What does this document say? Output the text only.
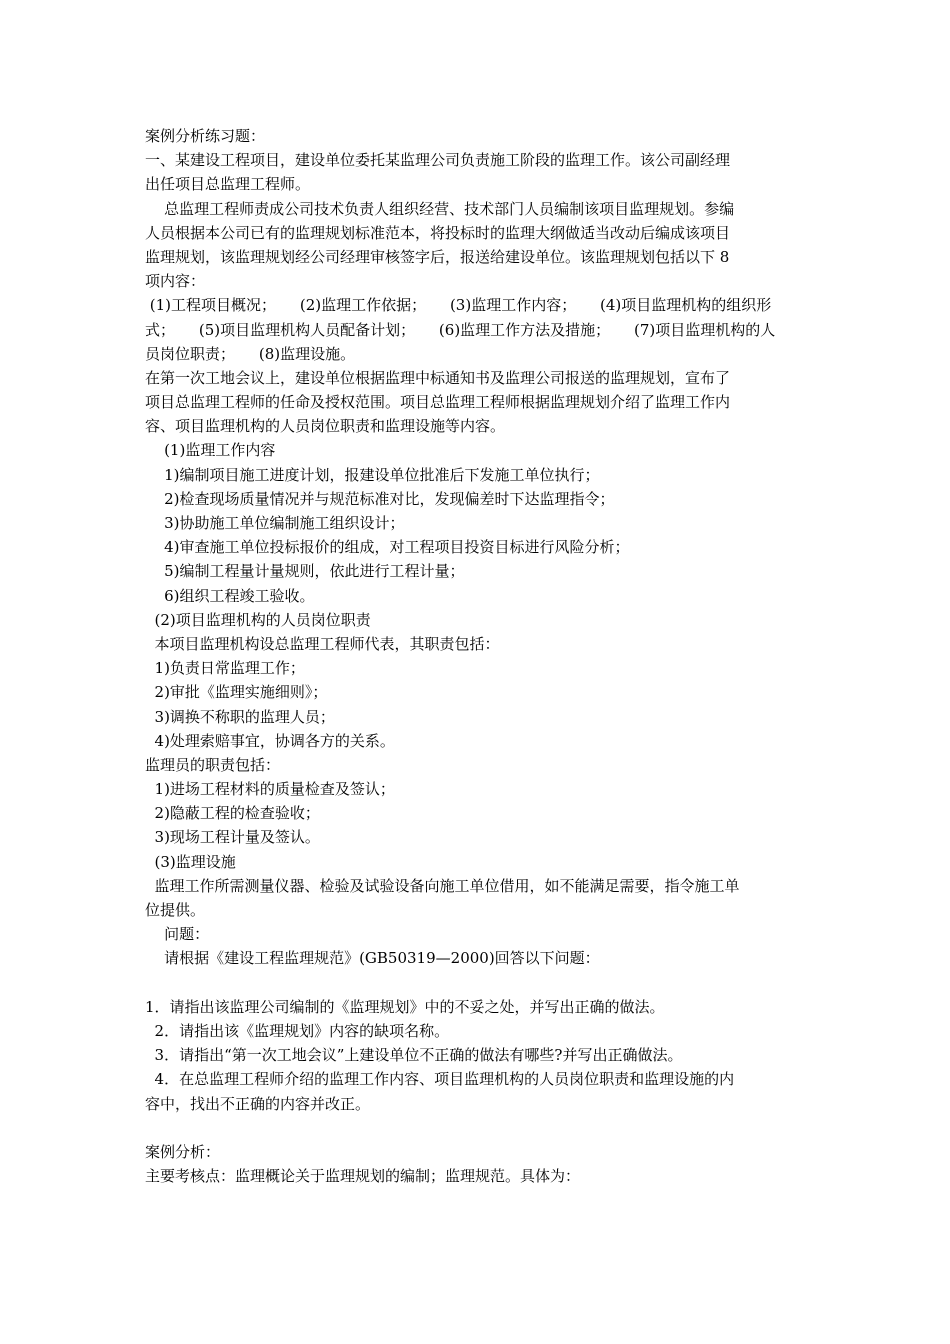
案例分析练习题：
一、某建设工程项目，建设单位委托某监理公司负责施工阶段的监理工作。该公司副经理
出任项目总监理工程师。
总监理工程师责成公司技术负责人组织经营、技术部门人员编制该项目监理规划。参编
人员根据本公司已有的监理规划标准范本，将投标时的监理大纲做适当改动后编成该项目
监理规划，该监理规划经公司经理审核签字后，报送给建设单位。该监理规划包括以下 8
项内容：
(1)工程项目概况；     (2)监理工作依据；     (3)监理工作内容；     (4)项目监理机构的组织形
式；     (5)项目监理机构人员配备计划；     (6)监理工作方法及措施；     (7)项目监理机构的人
员岗位职责；     (8)监理设施。
在第一次工地会议上，建设单位根据监理中标通知书及监理公司报送的监理规划，宣布了
项目总监理工程师的任命及授权范围。项目总监理工程师根据监理规划介绍了监理工作内
容、项目监理机构的人员岗位职责和监理设施等内容。
(1)监理工作内容
1)编制项目施工进度计划，报建设单位批准后下发施工单位执行；
2)检查现场质量情况并与规范标准对比，发现偏差时下达监理指令；
3)协助施工单位编制施工组织设计；
4)审查施工单位投标报价的组成，对工程项目投资目标进行风险分析；
5)编制工程量计量规则，依此进行工程计量；
6)组织工程竣工验收。
(2)项目监理机构的人员岗位职责
本项目监理机构设总监理工程师代表，其职责包括：
1)负责日常监理工作；
2)审批《监理实施细则》；
3)调换不称职的监理人员；
4)处理索赔事宜，协调各方的关系。
监理员的职责包括：
1)进场工程材料的质量检查及签认；
2)隐蔽工程的检查验收；
3)现场工程计量及签认。
(3)监理设施
监理工作所需测量仪器、检验及试验设备向施工单位借用，如不能满足需要，指令施工单
位提供。
问题：
请根据《建设工程监理规范》(GB50319—2000)回答以下问题：
1．请指出该监理公司编制的《监理规划》中的不妥之处，并写出正确的做法。
2．请指出该《监理规划》内容的缺项名称。
3．请指出“第一次工地会议”上建设单位不正确的做法有哪些?并写出正确做法。
4．在总监理工程师介绍的监理工作内容、项目监理机构的人员岗位职责和监理设施的内
容中，找出不正确的内容并改正。
案例分析：
主要考核点：监理概论关于监理规划的编制；监理规范。具体为：
